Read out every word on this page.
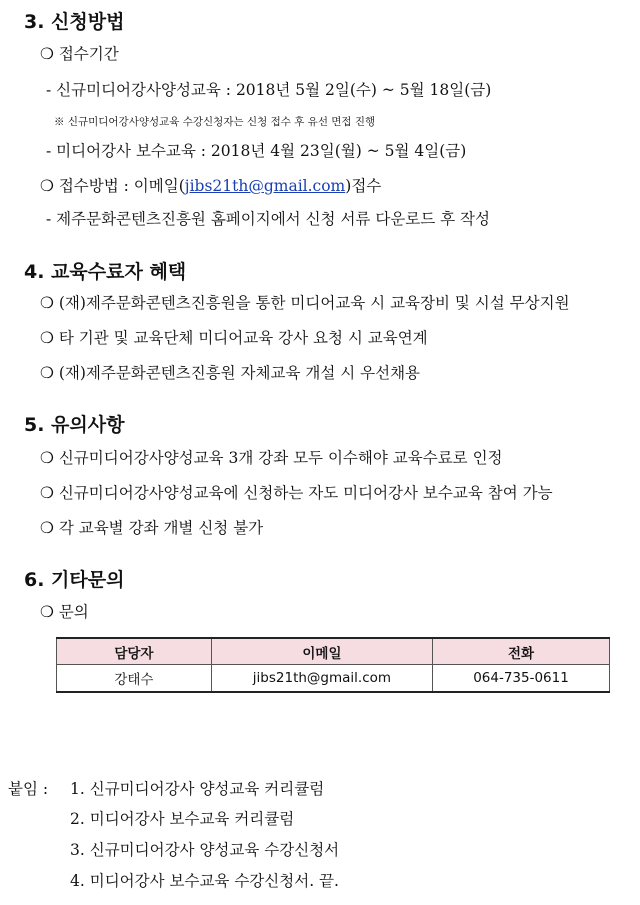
3. 신청방법
❍ 접수기간
- 신규미디어강사양성교육 : 2018년 5월 2일(수) ~ 5월 18일(금)
※ 신규미디어강사양성교육 수강신청자는 신청 접수 후 유선 면접 진행
- 미디어강사 보수교육 : 2018년 4월 23일(월) ~ 5월 4일(금)
❍ 접수방법 : 이메일(jibs21th@gmail.com)접수
- 제주문화콘텐츠진흥원 홈페이지에서 신청 서류 다운로드 후 작성
4. 교육수료자 혜택
❍ (재)제주문화콘텐츠진흥원을 통한 미디어교육 시 교육장비 및 시설 무상지원
❍ 타 기관 및 교육단체 미디어교육 강사 요청 시 교육연계
❍ (재)제주문화콘텐츠진흥원 자체교육 개설 시 우선채용
5. 유의사항
❍ 신규미디어강사양성교육 3개 강좌 모두 이수해야 교육수료로 인정
❍ 신규미디어강사양성교육에 신청하는 자도 미디어강사 보수교육 참여 가능
❍ 각 교육별 강좌 개별 신청 불가
6. 기타문의
❍ 문의
담당자	이메일	전화
강태수	jibs21th@gmail.com	064-735-0611
붙임 : 1. 신규미디어강사 양성교육 커리큘럼
2. 미디어강사 보수교육 커리큘럼
3. 신규미디어강사 양성교육 수강신청서
4. 미디어강사 보수교육 수강신청서. 끝.
